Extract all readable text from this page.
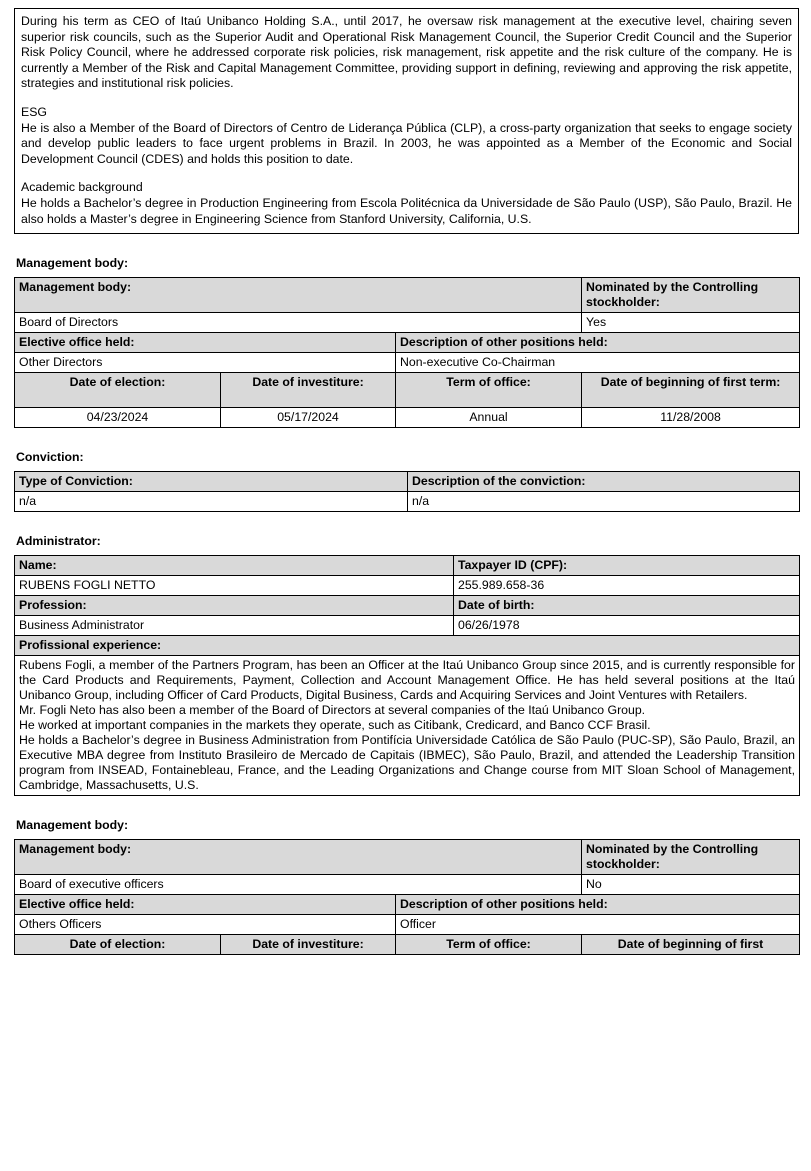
During his term as CEO of Itaú Unibanco Holding S.A., until 2017, he oversaw risk management at the executive level, chairing seven superior risk councils, such as the Superior Audit and Operational Risk Management Council, the Superior Credit Council and the Superior Risk Policy Council, where he addressed corporate risk policies, risk management, risk appetite and the risk culture of the company. He is currently a Member of the Risk and Capital Management Committee, providing support in defining, reviewing and approving the risk appetite, strategies and institutional risk policies.

ESG

He is also a Member of the Board of Directors of Centro de Liderança Pública (CLP), a cross-party organization that seeks to engage society and develop public leaders to face urgent problems in Brazil. In 2003, he was appointed as a Member of the Economic and Social Development Council (CDES) and holds this position to date.

Academic background

He holds a Bachelor’s degree in Production Engineering from Escola Politécnica da Universidade de São Paulo (USP), São Paulo, Brazil. He also holds a Master’s degree in Engineering Science from Stanford University, California, U.S.

Management body:
Management body:			Nominated by the Controlling stockholder:
Board of Directors			Yes
Elective office held:		Description of other positions held:	
Other Directors		Non-executive Co-Chairman	
Date of election:	Date of investiture:	Term of office:	Date of beginning of first term:
04/23/2024	05/17/2024	Annual	11/28/2008
Conviction:
Type of Conviction:	Description of the conviction:
n/a	n/a
Administrator:
Name:	Taxpayer ID (CPF):
RUBENS FOGLI NETTO	255.989.658-36
Profession:	Date of birth:
Business Administrator	06/26/1978
Profissional experience:	

Rubens Fogli, a member of the Partners Program, has been an Officer at the Itaú Unibanco Group since 2015, and is currently responsible for the Card Products and Requirements, Payment, Collection and Account Management Office. He has held several positions at the Itaú Unibanco Group, including Officer of Card Products, Digital Business, Cards and Acquiring Services and Joint Ventures with Retailers.
Mr. Fogli Neto has also been a member of the Board of Directors at several companies of the Itaú Unibanco Group.
He worked at important companies in the markets they operate, such as Citibank, Credicard, and Banco CCF Brasil.
He holds a Bachelor’s degree in Business Administration from Pontifícia Universidade Católica de São Paulo (PUC-SP), São Paulo, Brazil, an Executive MBA degree from Instituto Brasileiro de Mercado de Capitais (IBMEC), São Paulo, Brazil, and attended the Leadership Transition program from INSEAD, Fontainebleau, France, and the Leading Organizations and Change course from MIT Sloan School of Management, Cambridge, Massachusetts, U.S.	
Management body:
Management body:			Nominated by the Controlling stockholder:
Board of executive officers			No
Elective office held:		Description of other positions held:	
Others Officers		Officer	
Date of election:	Date of investiture:	Term of office:	Date of beginning of first
